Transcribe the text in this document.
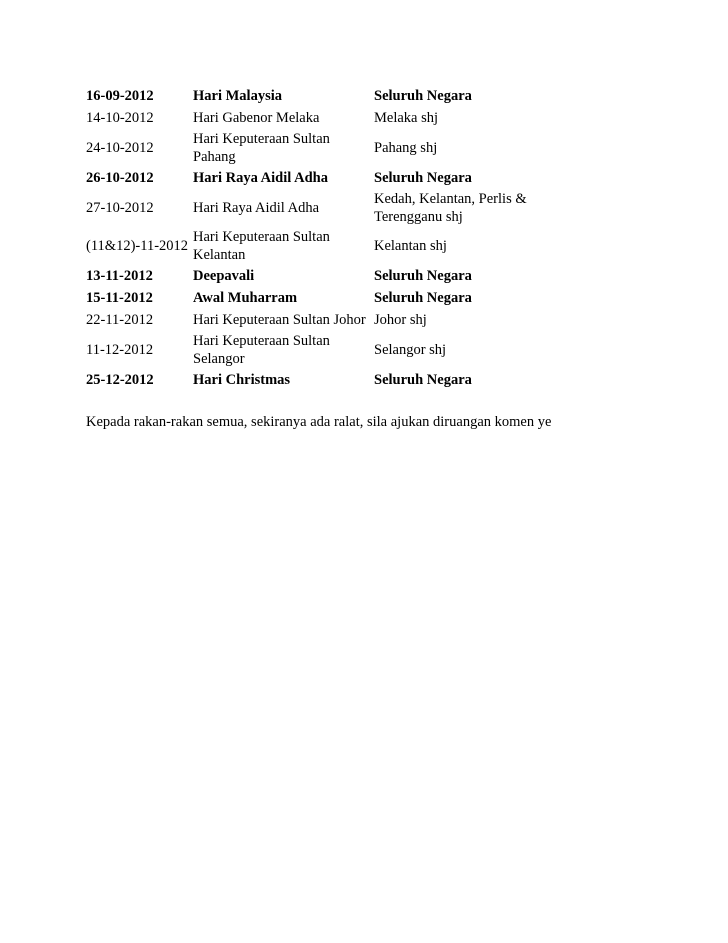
16-09-2012	Hari Malaysia	Seluruh Negara
14-10-2012	Hari Gabenor Melaka	Melaka shj
24-10-2012	Hari Keputeraan Sultan Pahang	Pahang shj
26-10-2012	Hari Raya Aidil Adha	Seluruh Negara
27-10-2012	Hari Raya Aidil Adha	Kedah, Kelantan, Perlis & Terengganu shj
(11&12)-11-2012	Hari Keputeraan Sultan Kelantan	Kelantan shj
13-11-2012	Deepavali	Seluruh Negara
15-11-2012	Awal Muharram	Seluruh Negara
22-11-2012	Hari Keputeraan Sultan Johor	Johor shj
11-12-2012	Hari Keputeraan Sultan Selangor	Selangor shj
25-12-2012	Hari Christmas	Seluruh Negara

Kepada rakan-rakan semua, sekiranya ada ralat, sila ajukan diruangan komen ye
